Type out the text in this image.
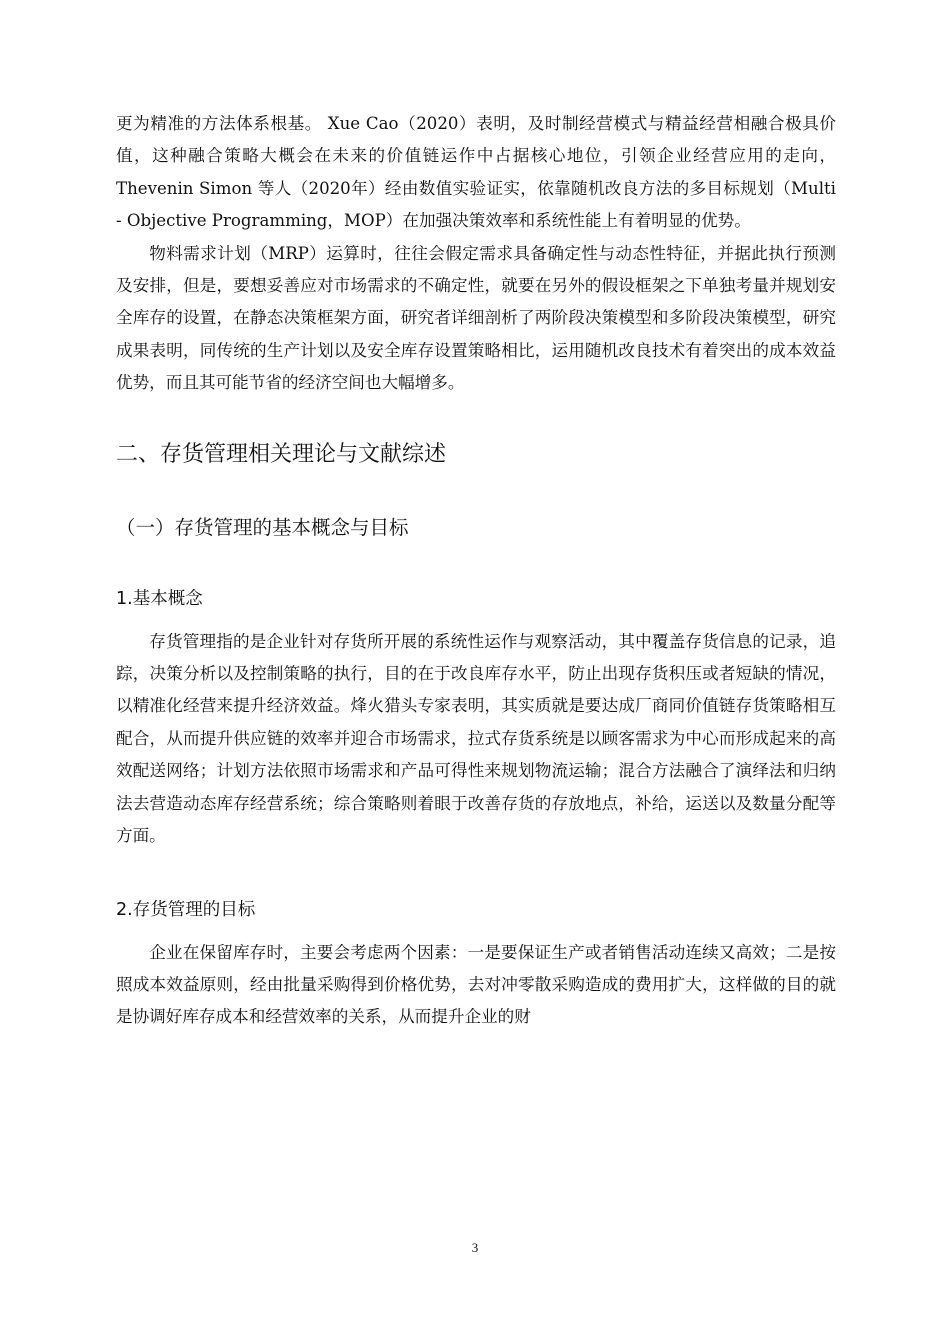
更为精准的方法体系根基。 Xue Cao（2020）表明，及时制经营模式与精益经营相融合极具价值，这种融合策略大概会在未来的价值链运作中占据核心地位，引领企业经营应用的走向，Thevenin Simon 等人（2020年）经由数值实验证实，依靠随机改良方法的多目标规划（Multi - Objective Programming，MOP）在加强决策效率和系统性能上有着明显的优势。

物料需求计划（MRP）运算时，往往会假定需求具备确定性与动态性特征，并据此执行预测及安排，但是，要想妥善应对市场需求的不确定性，就要在另外的假设框架之下单独考量并规划安全库存的设置，在静态决策框架方面，研究者详细剖析了两阶段决策模型和多阶段决策模型，研究成果表明，同传统的生产计划以及安全库存设置策略相比，运用随机改良技术有着突出的成本效益优势，而且其可能节省的经济空间也大幅增多。

二、存货管理相关理论与文献综述
（一）存货管理的基本概念与目标
1.基本概念

存货管理指的是企业针对存货所开展的系统性运作与观察活动，其中覆盖存货信息的记录，追踪，决策分析以及控制策略的执行，目的在于改良库存水平，防止出现存货积压或者短缺的情况，以精准化经营来提升经济效益。烽火猎头专家表明，其实质就是要达成厂商同价值链存货策略相互配合，从而提升供应链的效率并迎合市场需求，拉式存货系统是以顾客需求为中心而形成起来的高效配送网络；计划方法依照市场需求和产品可得性来规划物流运输；混合方法融合了演绎法和归纳法去营造动态库存经营系统；综合策略则着眼于改善存货的存放地点，补给，运送以及数量分配等方面。

2.存货管理的目标

企业在保留库存时，主要会考虑两个因素：一是要保证生产或者销售活动连续又高效；二是按照成本效益原则，经由批量采购得到价格优势，去对冲零散采购造成的费用扩大，这样做的目的就是协调好库存成本和经营效率的关系，从而提升企业的财

3
